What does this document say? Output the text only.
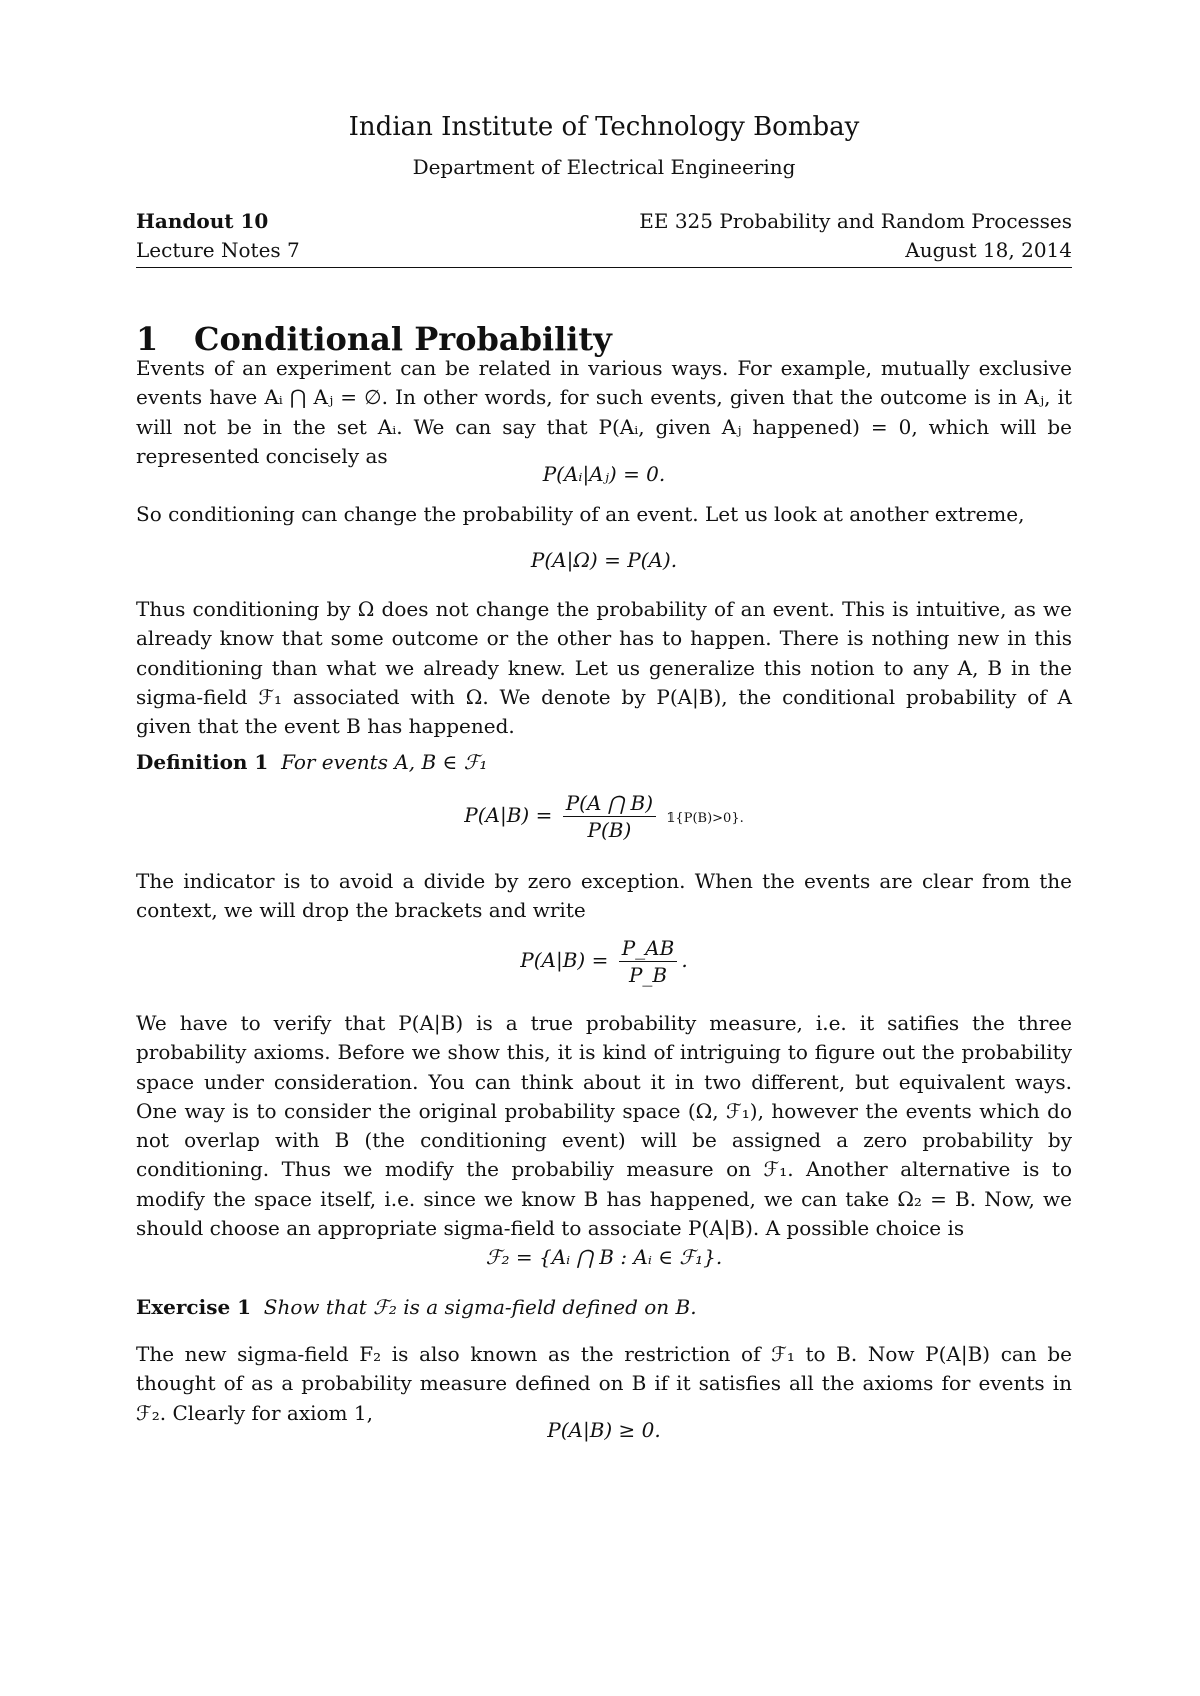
Indian Institute of Technology Bombay
Department of Electrical Engineering
Handout 10	EE 325 Probability and Random Processes
Lecture Notes 7	August 18, 2014
1 Conditional Probability

Events of an experiment can be related in various ways. For example, mutually exclusive events have Aᵢ ⋂ Aⱼ = ∅. In other words, for such events, given that the outcome is in Aⱼ, it will not be in the set Aᵢ. We can say that P(Aᵢ, given Aⱼ happened) = 0, which will be represented concisely as

P(Aᵢ|Aⱼ) = 0.

So conditioning can change the probability of an event. Let us look at another extreme,

P(A|Ω) = P(A).

Thus conditioning by Ω does not change the probability of an event. This is intuitive, as we already know that some outcome or the other has to happen. There is nothing new in this conditioning than what we already knew. Let us generalize this notion to any A, B in the sigma-field ℱ₁ associated with Ω. We denote by P(A|B), the conditional probability of A given that the event B has happened.

Definition 1 For events A, B ∈ ℱ₁

$P(A|B) = \frac{P(A ⋂ B)}{P(B)}$ 𝟙{P(B)>0}.

The indicator is to avoid a divide by zero exception. When the events are clear from the context, we will drop the brackets and write

$P(A|B) = \frac{P\_AB}{P\_B}$ .

We have to verify that P(A|B) is a true probability measure, i.e. it satifies the three probability axioms. Before we show this, it is kind of intriguing to figure out the probability space under consideration. You can think about it in two different, but equivalent ways. One way is to consider the original probability space (Ω, ℱ₁), however the events which do not overlap with B (the conditioning event) will be assigned a zero probability by conditioning. Thus we modify the probabiliy measure on ℱ₁. Another alternative is to modify the space itself, i.e. since we know B has happened, we can take Ω₂ = B. Now, we should choose an appropriate sigma-field to associate P(A|B). A possible choice is

ℱ₂ = {Aᵢ ⋂ B : Aᵢ ∈ ℱ₁}.

Exercise 1 Show that ℱ₂ is a sigma-field defined on B.

The new sigma-field F₂ is also known as the restriction of ℱ₁ to B. Now P(A|B) can be thought of as a probability measure defined on B if it satisfies all the axioms for events in ℱ₂. Clearly for axiom 1,

P(A|B) ≥ 0.
